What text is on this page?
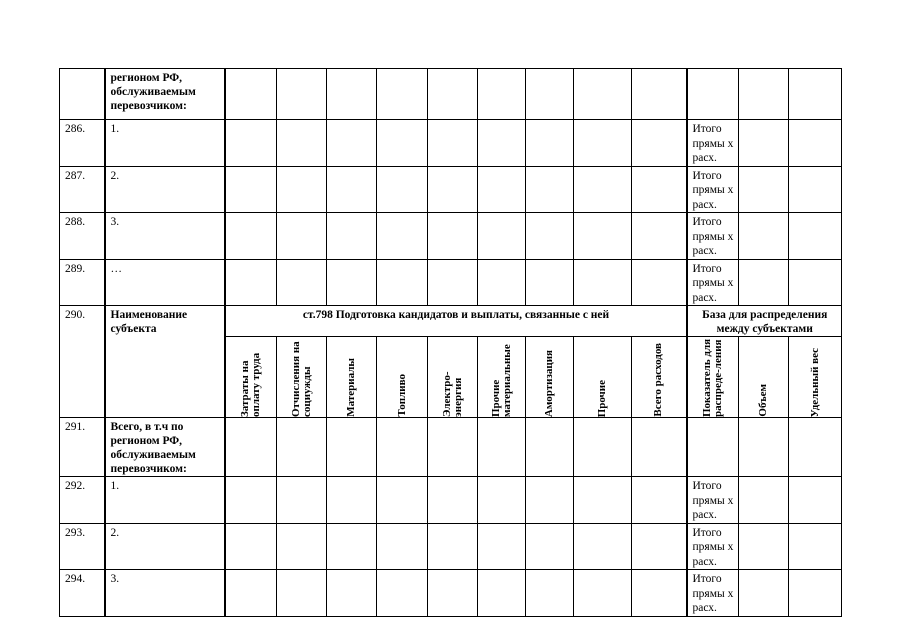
	регионом РФ, обслуживаемым перевозчиком:												
286.	1.										Итого прямы х расх.		
287.	2.										Итого прямы х расх.		
288.	3.										Итого прямы х расх.		
289.	…										Итого прямы х расх.		
290.	Наименование субъекта	ст.798 Подготовка кандидатов и выплаты, связанные с ней									База для распределения между субъектами		

		Затраты на оплату труда	Отчисления на социужды	Материалы	Топливо	Электро-энергия	Прочие материальные	Амортизация	Прочие	Всего расходов	Показатель для распреде-ления	Объем	Удельный вес

291.	Всего, в т.ч по регионом РФ, обслуживаемым перевозчиком:												
292.	1.										Итого прямы х расх.		
293.	2.										Итого прямы х расх.		
294.	3.										Итого прямы х расх.		
